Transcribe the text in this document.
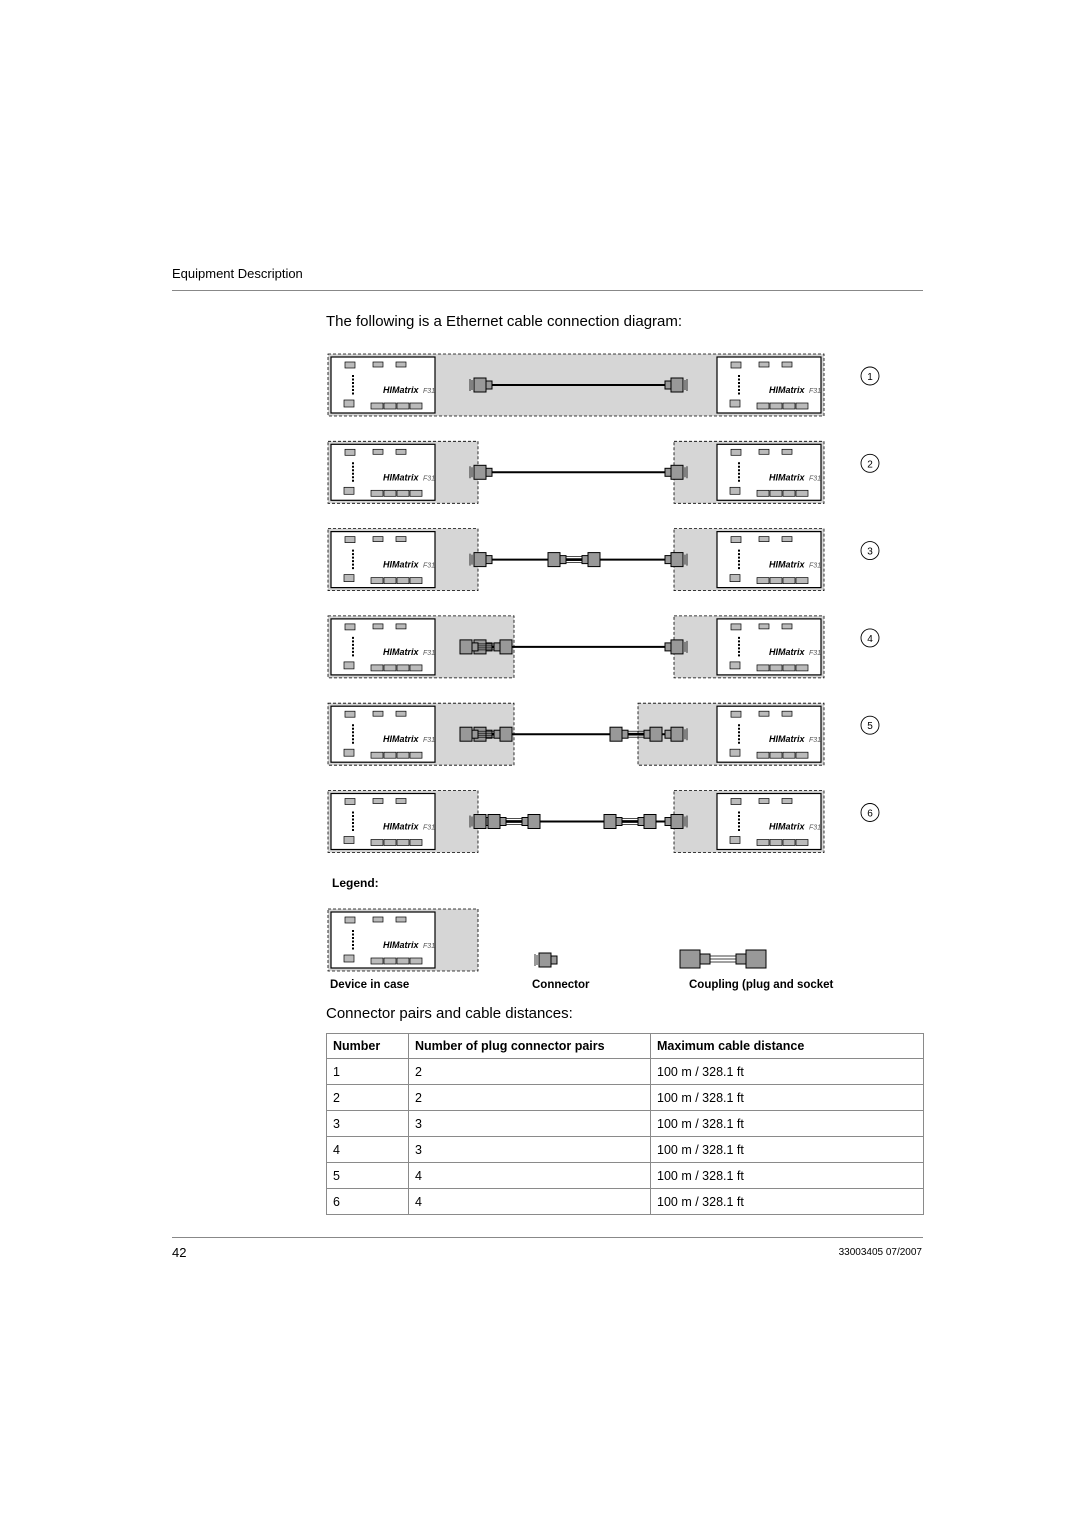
Equipment Description
The following is a Ethernet cable connection diagram:
1
2
3
4
5
6
Legend:
Device in case	Connector	Coupling (plug and socket
Connector pairs and cable distances:
Number	Number of plug connector pairs	Maximum cable distance
1	2	100 m / 328.1 ft
2	2	100 m / 328.1 ft
3	3	100 m / 328.1 ft
4	3	100 m / 328.1 ft
5	4	100 m / 328.1 ft
6	4	100 m / 328.1 ft
42	33003405 07/2007
